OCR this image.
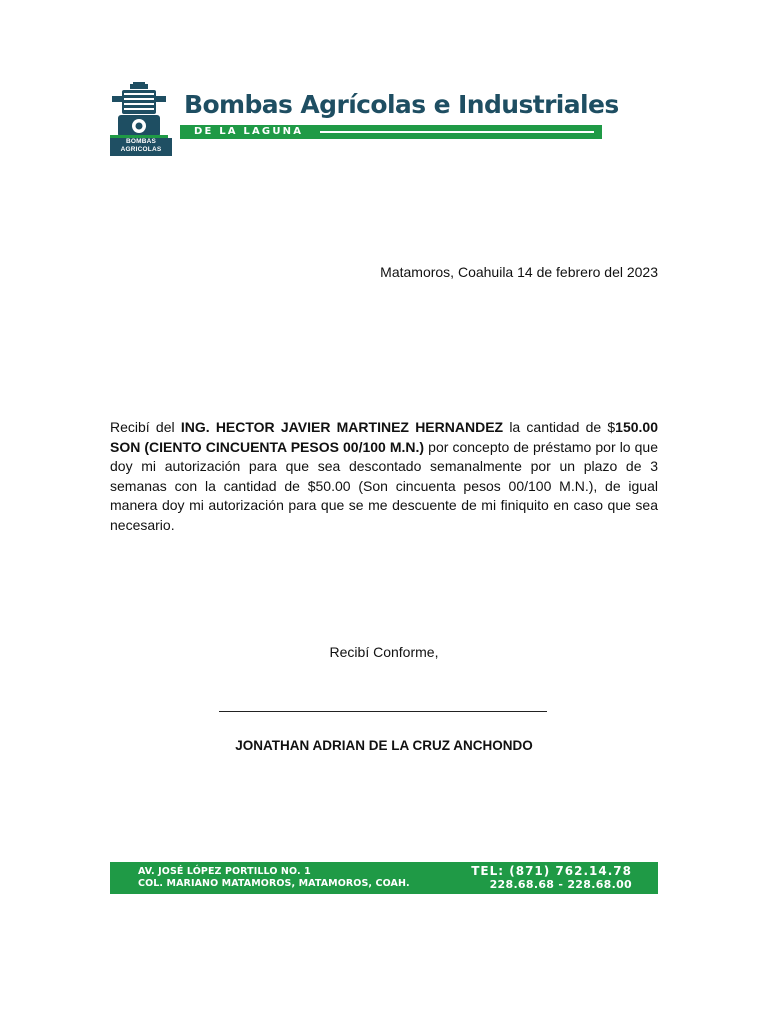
BOMBAS
AGRICOLAS
Bombas Agrícolas e Industriales
DE LA LAGUNA
Matamoros, Coahuila 14 de febrero del 2023

Recibí del ING. HECTOR JAVIER MARTINEZ HERNANDEZ la cantidad de $150.00 SON (CIENTO CINCUENTA PESOS 00/100 M.N.) por concepto de préstamo por lo que doy mi autorización para que sea descontado semanalmente por un plazo de 3 semanas con la cantidad de $50.00 (Son cincuenta pesos 00/100 M.N.), de igual manera doy mi autorización para que se me descuente de mi finiquito en caso que sea necesario.

Recibí Conforme,
JONATHAN ADRIAN DE LA CRUZ ANCHONDO
AV. JOSÉ LÓPEZ PORTILLO NO. 1
COL. MARIANO MATAMOROS, MATAMOROS, COAH.
TEL: (871) 762.14.78
228.68.68 - 228.68.00
